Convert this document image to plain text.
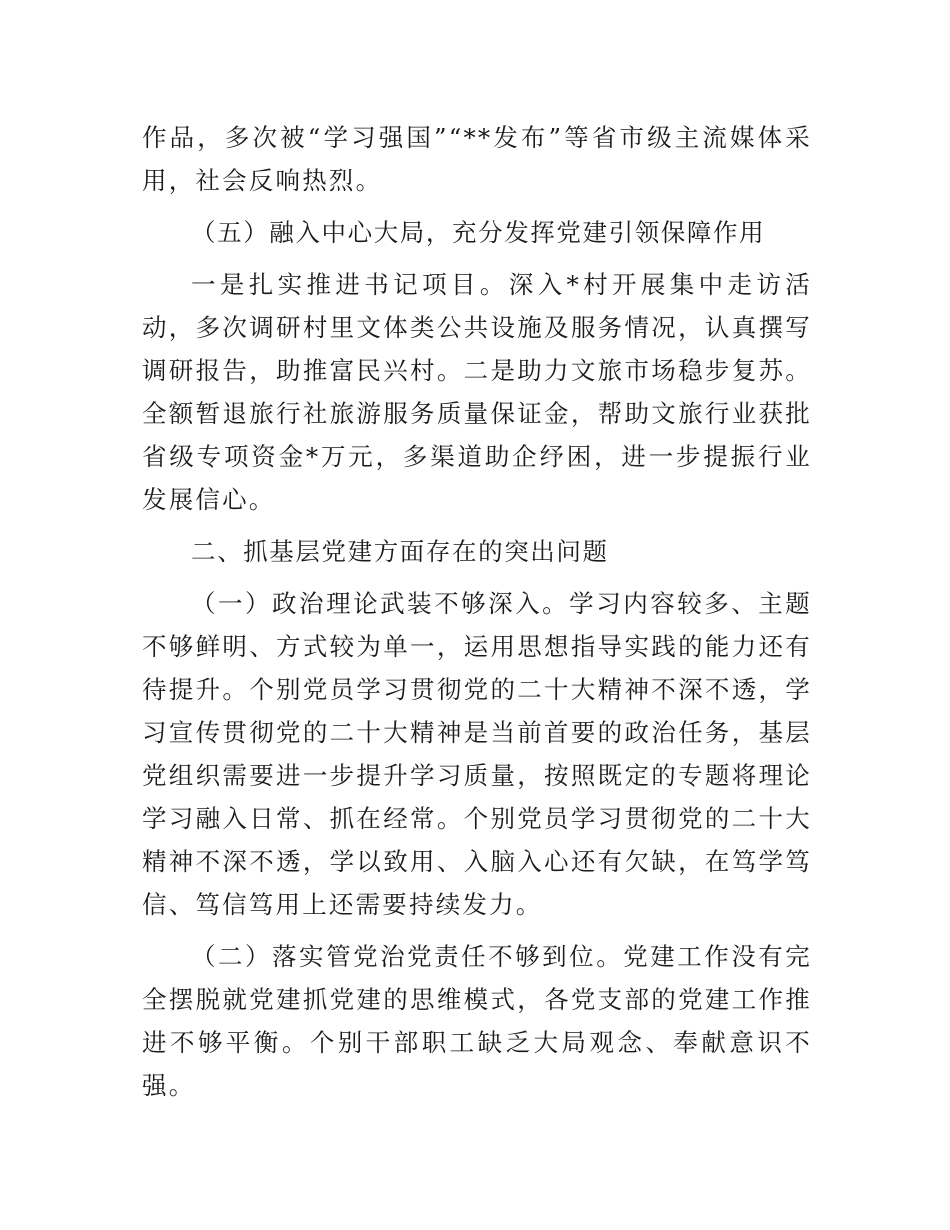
作品，多次被“学习强国”“**发布”等省市级主流媒体采用，社会反响热烈。

（五）融入中心大局，充分发挥党建引领保障作用

一是扎实推进书记项目。深入*村开展集中走访活动，多次调研村里文体类公共设施及服务情况，认真撰写调研报告，助推富民兴村。二是助力文旅市场稳步复苏。全额暂退旅行社旅游服务质量保证金，帮助文旅行业获批省级专项资金*万元，多渠道助企纾困，进一步提振行业发展信心。

二、抓基层党建方面存在的突出问题

（一）政治理论武装不够深入。学习内容较多、主题不够鲜明、方式较为单一，运用思想指导实践的能力还有待提升。个别党员学习贯彻党的二十大精神不深不透，学习宣传贯彻党的二十大精神是当前首要的政治任务，基层党组织需要进一步提升学习质量，按照既定的专题将理论学习融入日常、抓在经常。个别党员学习贯彻党的二十大精神不深不透，学以致用、入脑入心还有欠缺，在笃学笃信、笃信笃用上还需要持续发力。

（二）落实管党治党责任不够到位。党建工作没有完全摆脱就党建抓党建的思维模式，各党支部的党建工作推进不够平衡。个别干部职工缺乏大局观念、奉献意识不强。
